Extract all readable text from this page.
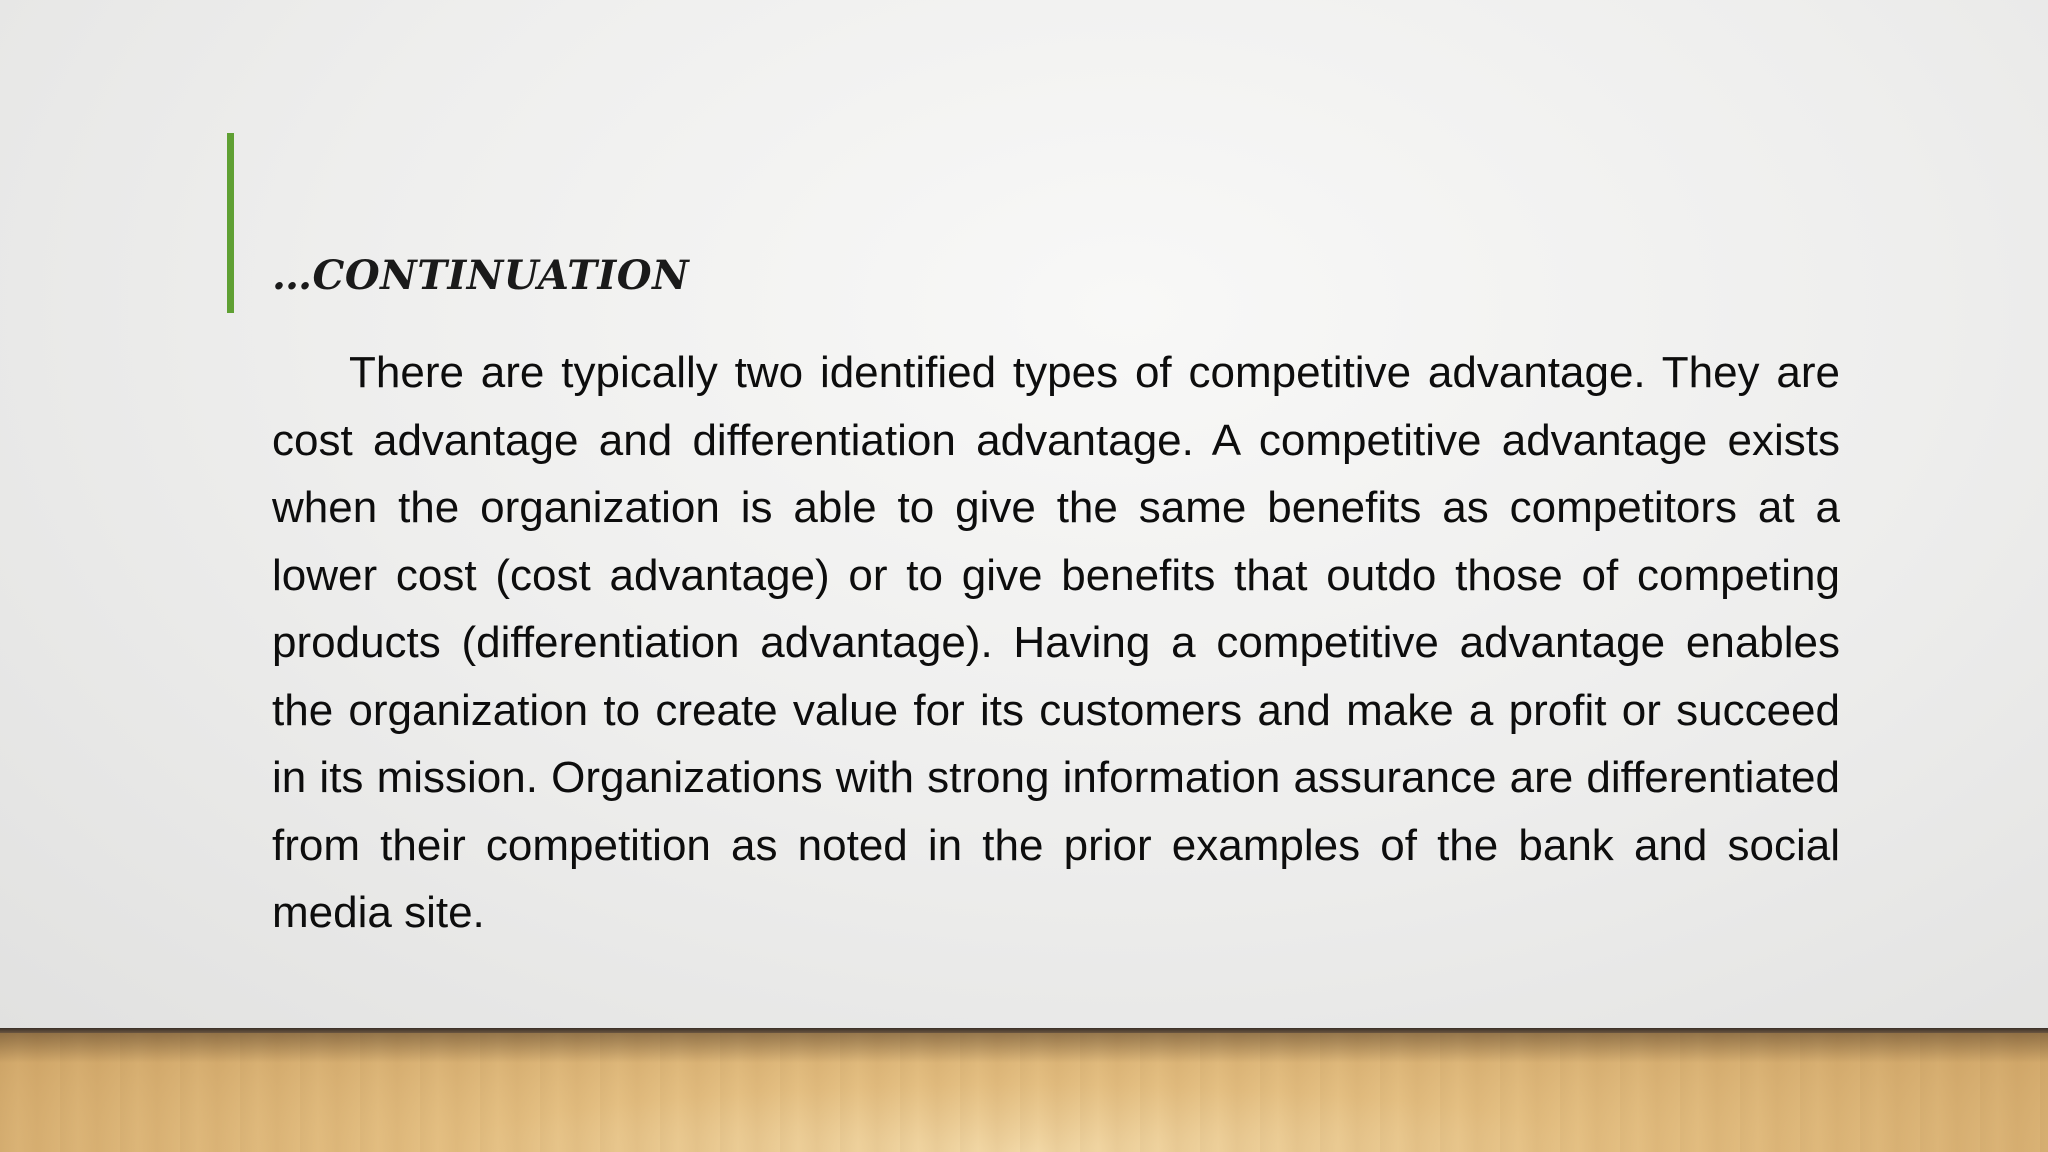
…CONTINUATION

There are typically two identified types of competitive advantage. They are cost advantage and differentiation advantage. A competitive advantage exists when the organization is able to give the same benefits as competitors at a lower cost (cost advantage) or to give benefits that outdo those of competing products (differentiation advantage). Having a competitive advantage enables the organization to create value for its customers and make a profit or succeed in its mission. Organizations with strong information assurance are differentiated from their competition as noted in the prior examples of the bank and social media site.
